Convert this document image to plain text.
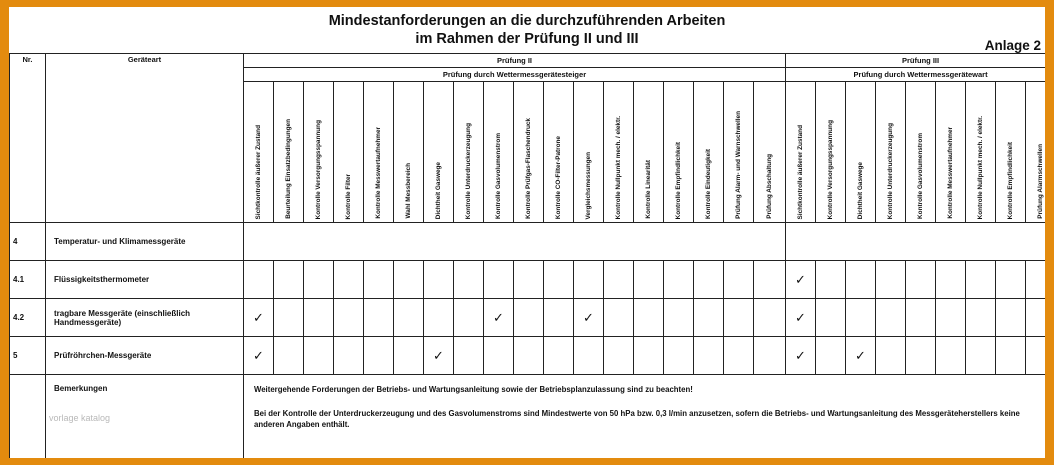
Mindestanforderungen an die durchzuführenden Arbeiten
im Rahmen der Prüfung II und III	Anlage 2
Nr.	Geräteart	Prüfung II																		Prüfung III								
		Prüfung durch Wettermessgerätesteiger																		Prüfung durch Wettermessgerätewart								

		Sichtkontrolle äußerer Zustand	Beurteilung Einsatzbedingungen	Kontrolle Versorgungsspannung	Kontrolle Filter	Kontrolle Messwertaufnehmer	Wahl Messbereich	Dichtheit Gaswege	Kontrolle Unterdruckerzeugung	Kontrolle Gasvolumenstrom	Kontrolle Prüfgas-Flaschendruck	Kontrolle CO-Filter-Patrone	Vergleichsmessungen	Kontrolle Nullpunkt mech. / elektr.	Kontrolle Linearität	Kontrolle Empfindlichkeit	Kontrolle Eindeutigkeit	Prüfung Alarm- und Warnschwellen	Prüfung Abschaltung	Sichtkontrolle äußerer Zustand	Kontrolle Versorgungsspannung	Dichtheit Gaswege	Kontrolle Unterdruckerzeugung	Kontrolle Gasvolumenstrom	Kontrolle Messwertaufnehmer	Kontrolle Nullpunkt mech. / elektr.	Kontrolle Empfindlichkeit	Prüfung Alarmschwellen

4	Temperatur- und Klimamessgeräte																											
4.1	Flüssigkeitsthermometer																			✓								
4.2	tragbare Messgeräte (einschließlich Handmessgeräte)	✓								✓			✓							✓								
5	Prüfröhrchen-Messgeräte	✓						✓												✓		✓						
	Bemerkungen	Weitergehende Forderungen der Betriebs- und Wartungsanleitung sowie der Betriebsplanzulassung sind zu beachten!

Bei der Kontrolle der Unterdruckerzeugung und des Gasvolumenstroms sind Mindestwerte von 50 hPa bzw. 0,3 l/min anzusetzen, sofern die Betriebs- und Wartungsanleitung des Messgeräteherstellers keine anderen Angaben enthält.																										

vorlage katalog
